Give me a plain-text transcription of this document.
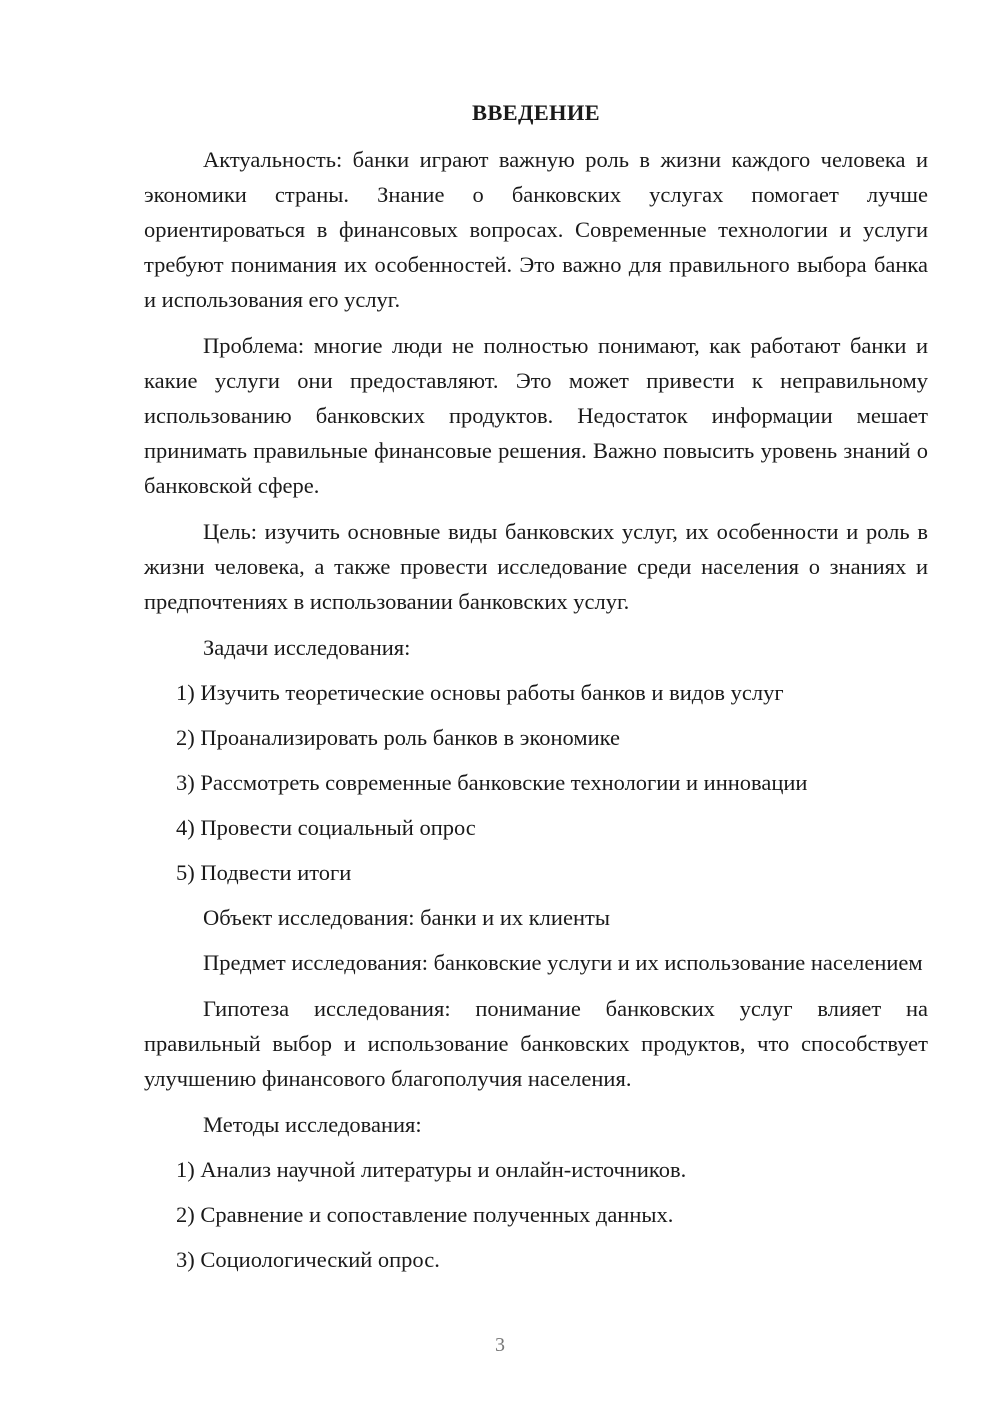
ВВЕДЕНИЕ

Актуальность: банки играют важную роль в жизни каждого человека и экономики страны. Знание о банковских услугах помогает лучше ориентироваться в финансовых вопросах. Современные технологии и услуги требуют понимания их особенностей. Это важно для правильного выбора банка и использования его услуг.

Проблема: многие люди не полностью понимают, как работают банки и какие услуги они предоставляют. Это может привести к неправильному использованию банковских продуктов. Недостаток информации мешает принимать правильные финансовые решения. Важно повысить уровень знаний о банковской сфере.

Цель: изучить основные виды банковских услуг, их особенности и роль в жизни человека, а также провести исследование среди населения о знаниях и предпочтениях в использовании банковских услуг.

Задачи исследования:

1) Изучить теоретические основы работы банков и видов услуг

2) Проанализировать роль банков в экономике

3) Рассмотреть современные банковские технологии и инновации

4) Провести социальный опрос

5) Подвести итоги

Объект исследования: банки и их клиенты

Предмет исследования: банковские услуги и их использование населением

Гипотеза исследования: понимание банковских услуг влияет на правильный выбор и использование банковских продуктов, что способствует улучшению финансового благополучия населения.

Методы исследования:

1) Анализ научной литературы и онлайн-источников.

2) Сравнение и сопоставление полученных данных.

3) Социологический опрос.

3
